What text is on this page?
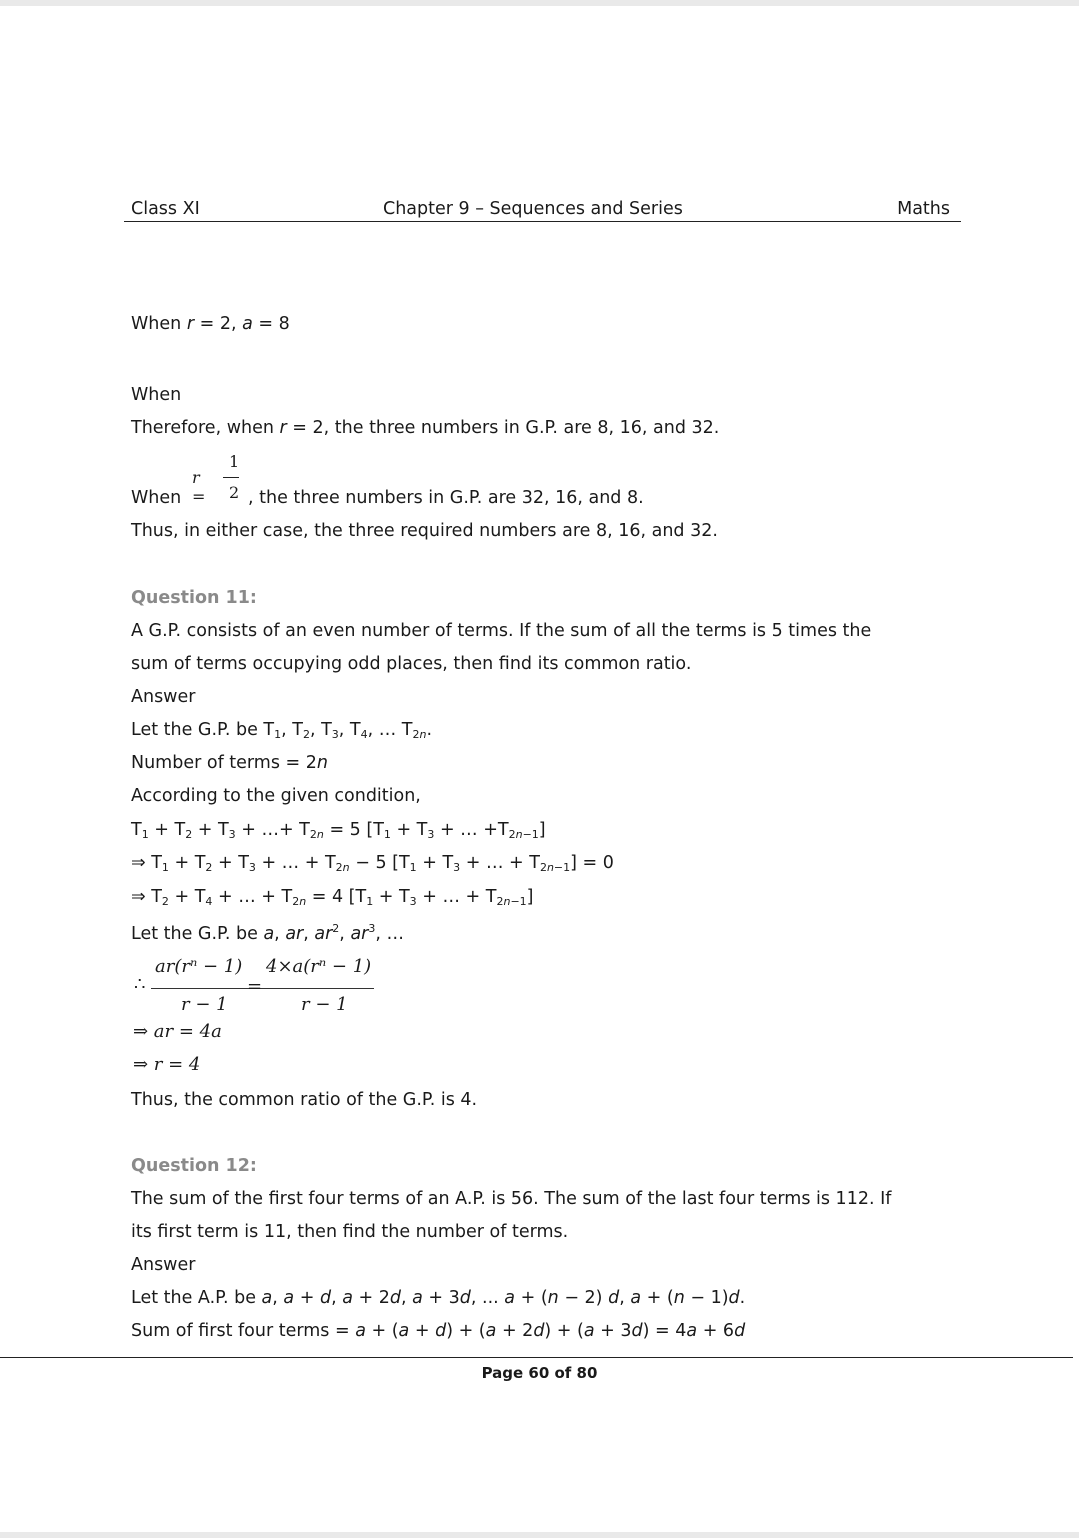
Class XI	Chapter 9 – Sequences and Series	Maths
When r = 2, a = 8
When
Therefore, when r = 2, the three numbers in G.P. are 8, 16, and 32.
r =
1
2
When	, the three numbers in G.P. are 32, 16, and 8.
Thus, in either case, the three required numbers are 8, 16, and 32.
Question 11:
A G.P. consists of an even number of terms. If the sum of all the terms is 5 times the
sum of terms occupying odd places, then find its common ratio.
Answer
Let the G.P. be $T_1$, $T_2$, $T_3$, $T_4$, … $T_{2n}$.
Number of terms = 2n
According to the given condition,
$T_1 + T_2 + T_3$ + …+ $T_{2n} = 5$ [$T_1 + T_3$ + … $+T_{2n-1}$]
⇒ $T_1 + T_2 + T_3$ + … + $T_{2n} - 5$ [$T_1 + T_3$ + … + $T_{2n-1}] = 0$
⇒ $T_2 + T_4$ + … + $T_{2n} = 4$ [$T_1 + T_3$ + … + $T_{2n-1}$]
Let the G.P. be a, ar, $ar^2$, $ar^3$, …
∴
ar(rⁿ − 1)
r − 1
=
4×a(rⁿ − 1)
r − 1
⇒ ar = 4a
⇒ r = 4
Thus, the common ratio of the G.P. is 4.
Question 12:
The sum of the first four terms of an A.P. is 56. The sum of the last four terms is 112. If
its first term is 11, then find the number of terms.
Answer
Let the A.P. be a, a + d, a + 2d, a + 3d, ... a + (n − 2) d, a + (n − 1)d.
Sum of first four terms = a + (a + d) + (a + 2d) + (a + 3d) = 4a + 6d
Page 60 of 80
